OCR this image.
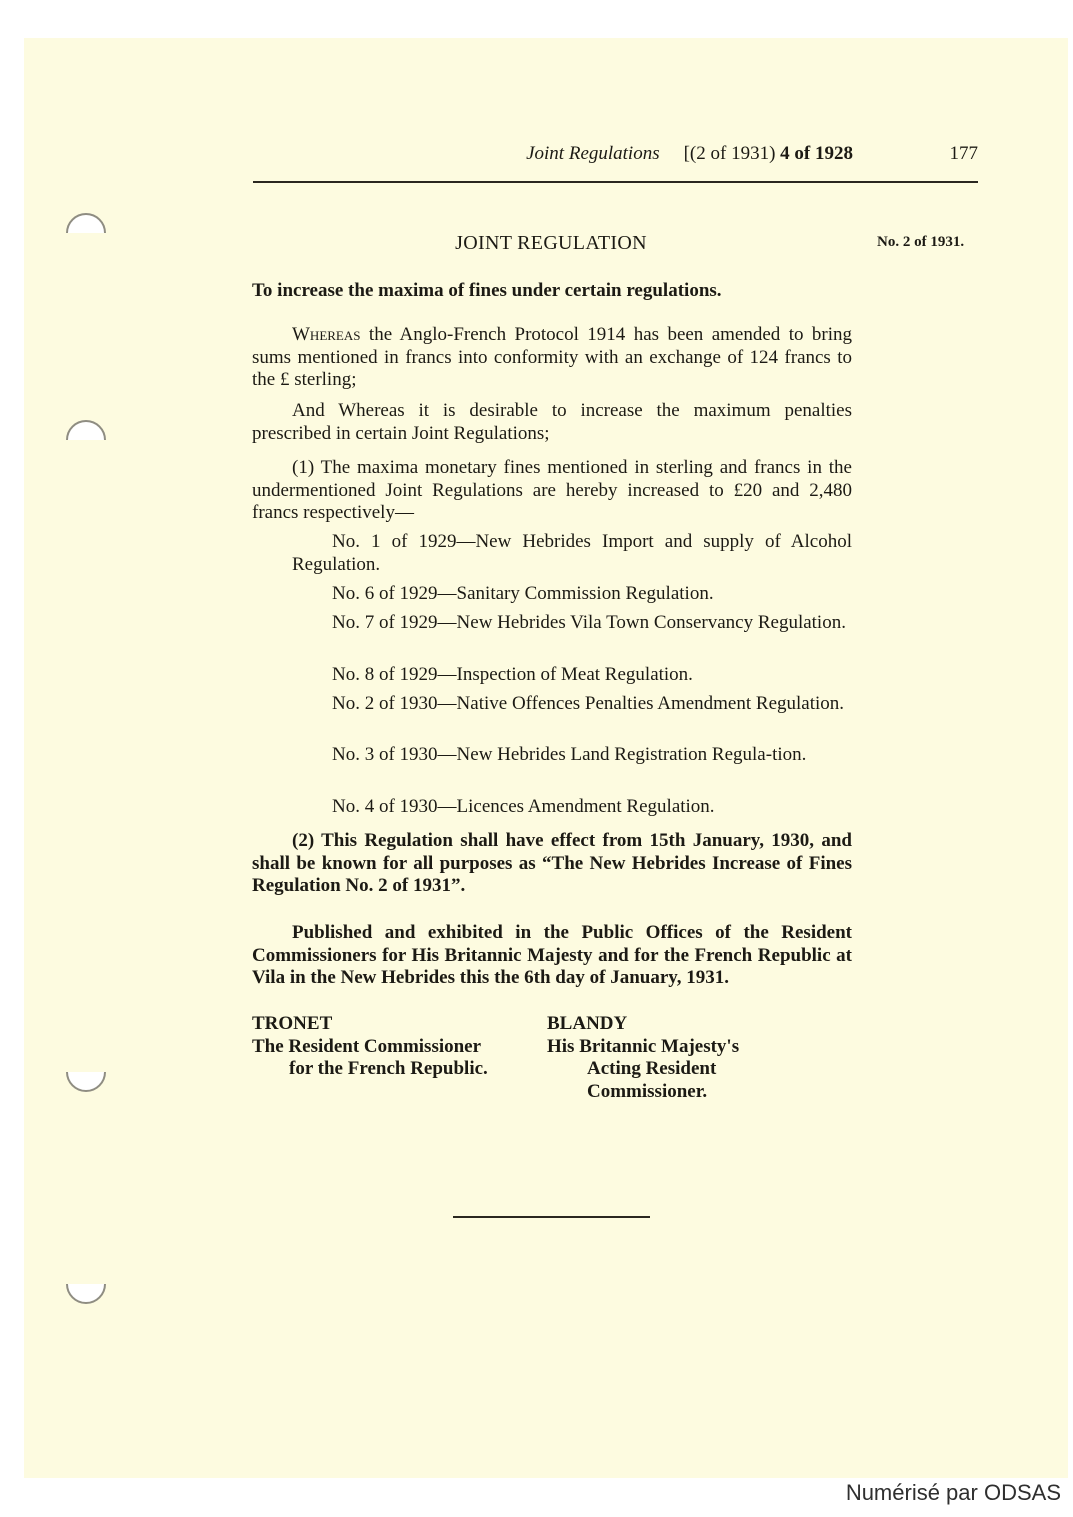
Joint Regulations [(2 of 1931) 4 of 1928	177
JOINT REGULATION	No. 2 of 1931.
To increase the maxima of fines under certain regulations.
Whereas the Anglo-French Protocol 1914 has been amended to bring sums mentioned in francs into conformity with an exchange of 124 francs to the £ sterling;
And Whereas it is desirable to increase the maximum penalties prescribed in certain Joint Regulations;
(1) The maxima monetary fines mentioned in sterling and francs in the undermentioned Joint Regulations are hereby increased to £20 and 2,480 francs respectively—
No. 1 of 1929—New Hebrides Import and supply of Alcohol Regulation.
No. 6 of 1929—Sanitary Commission Regulation.
No. 7 of 1929—New Hebrides Vila Town Conservancy Regulation.
No. 8 of 1929—Inspection of Meat Regulation.
No. 2 of 1930—Native Offences Penalties Amendment Regulation.
No. 3 of 1930—New Hebrides Land Registration Regula-tion.
No. 4 of 1930—Licences Amendment Regulation.
(2) This Regulation shall have effect from 15th January, 1930, and shall be known for all purposes as “The New Hebrides Increase of Fines Regulation No. 2 of 1931”.
Published and exhibited in the Public Offices of the Resident Commissioners for His Britannic Majesty and for the French Republic at Vila in the New Hebrides this the 6th day of January, 1931.
TRONET
The Resident Commissioner
for the French Republic.
BLANDY
His Britannic Majesty's
Acting Resident
Commissioner.
Numérisé par ODSAS
